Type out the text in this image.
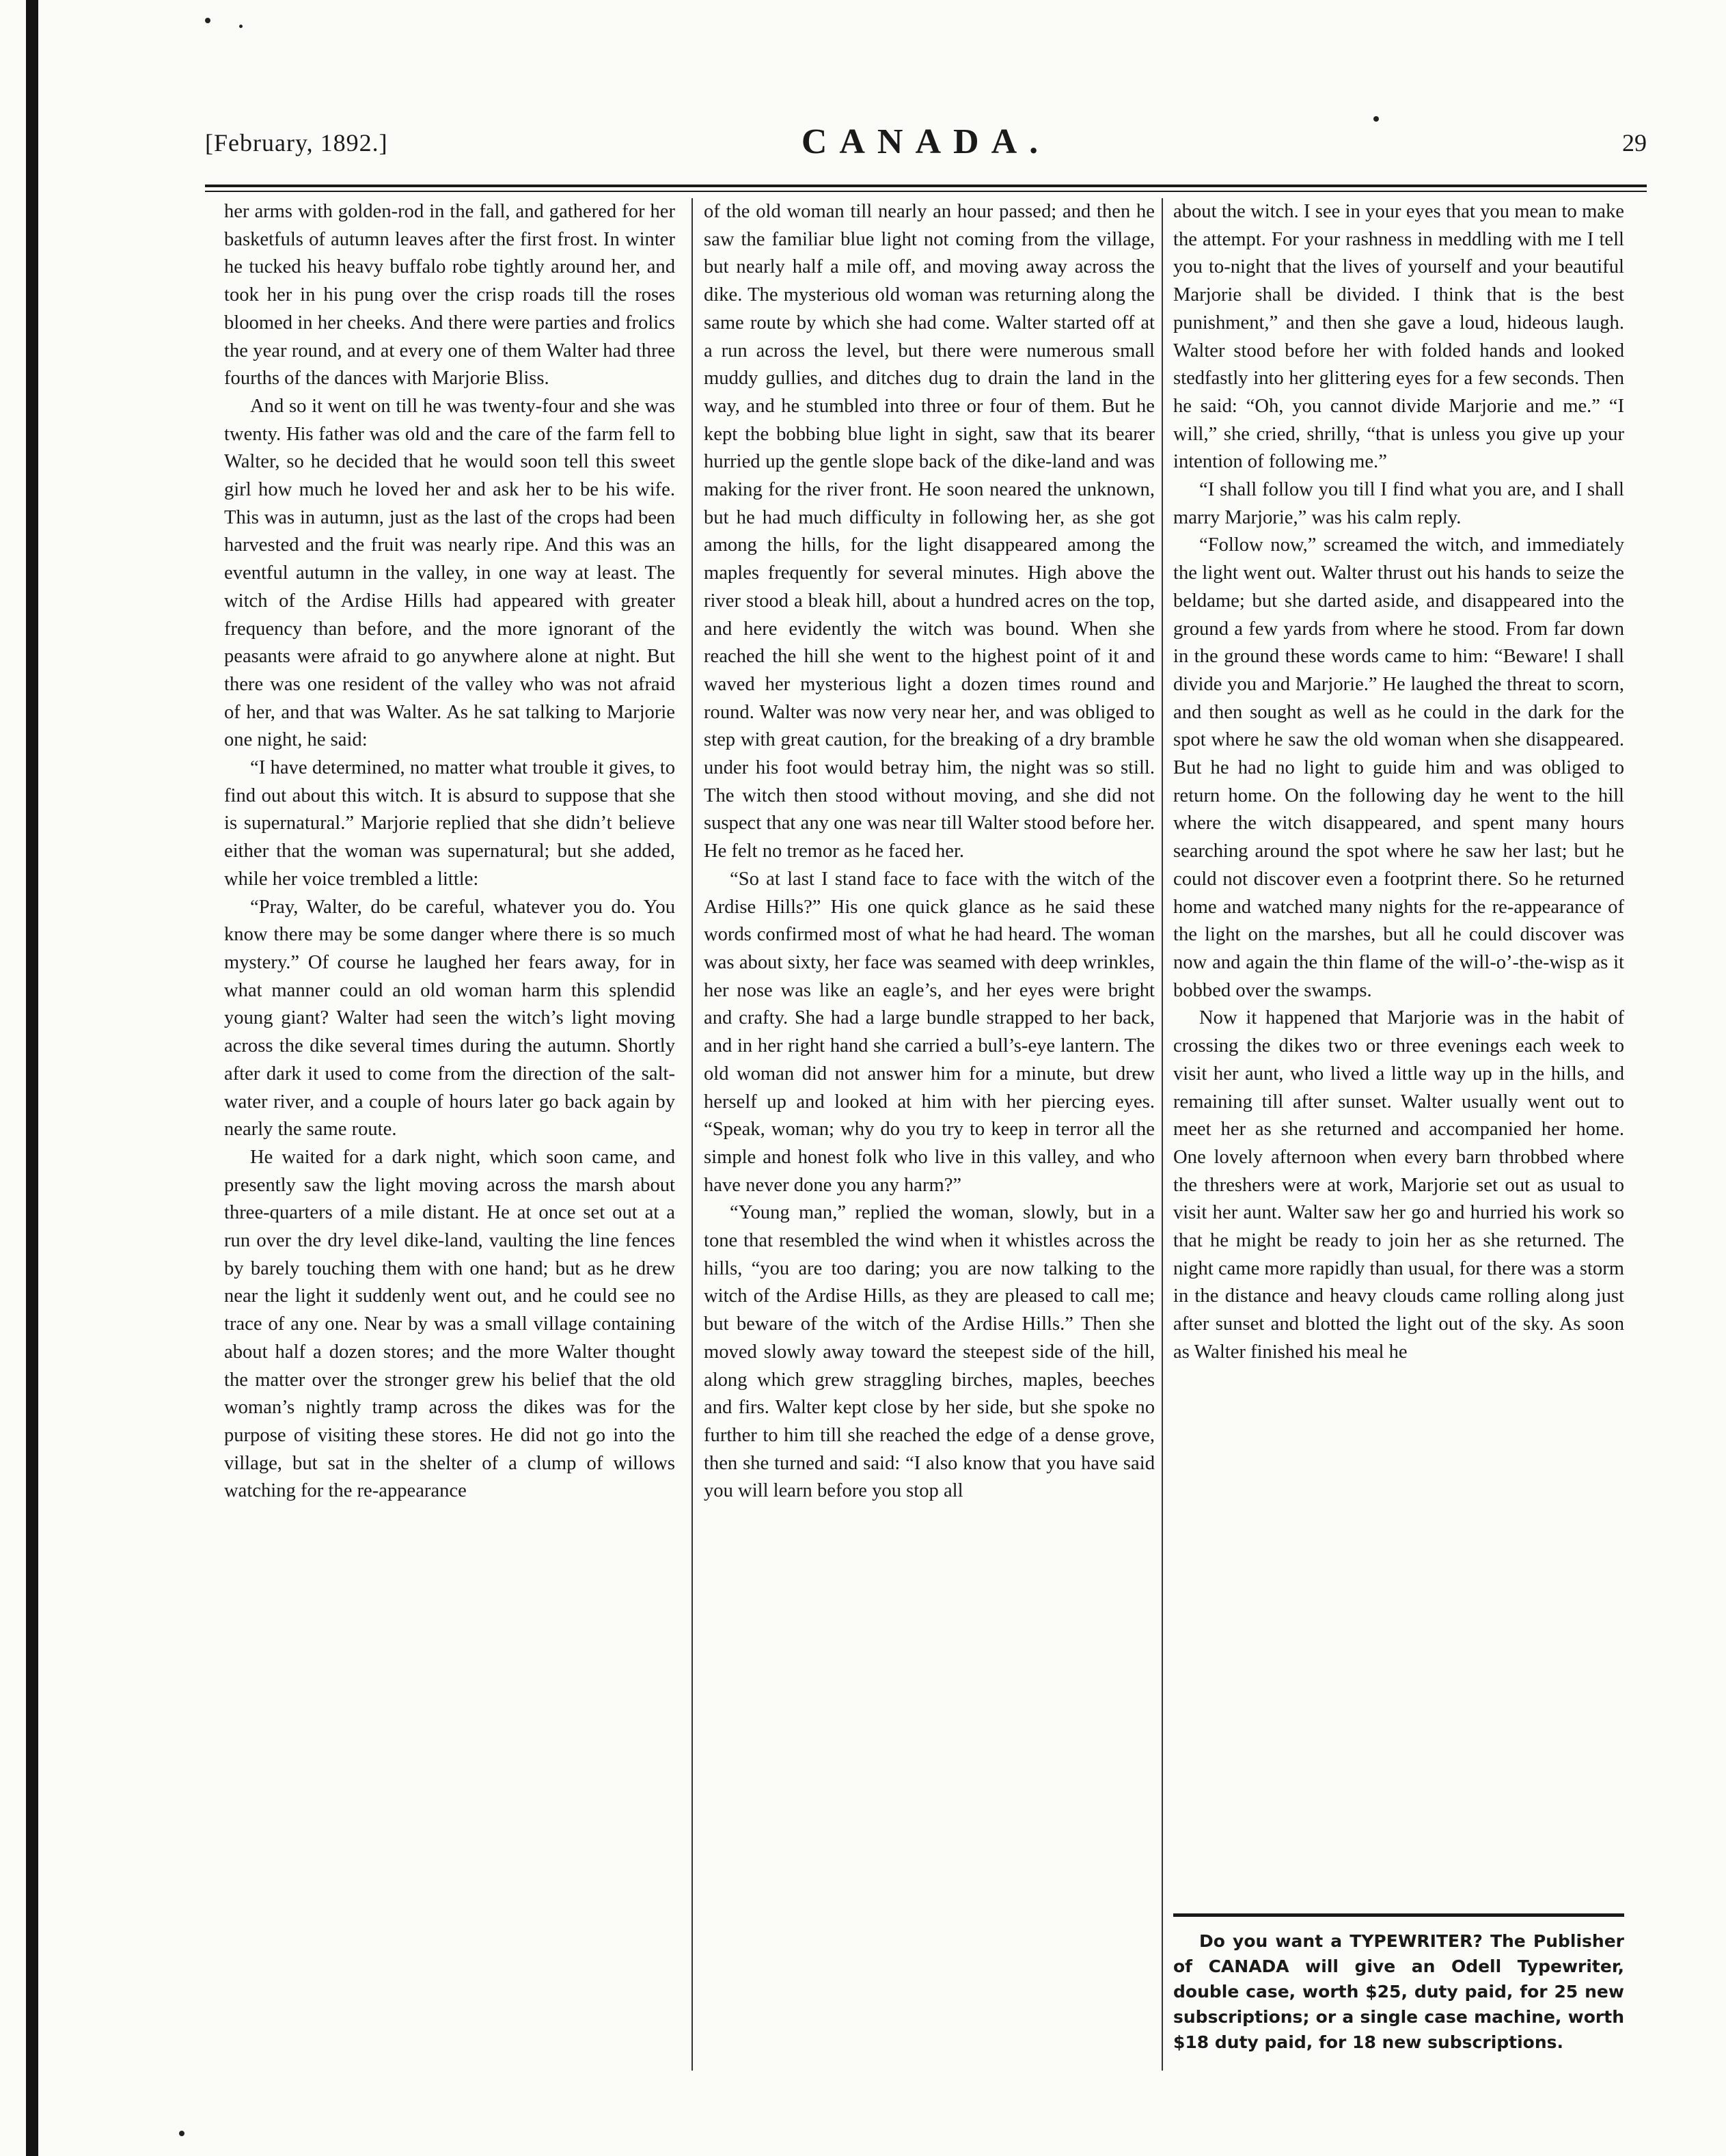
[February, 1892.]	CANADA.	29

her arms with golden-rod in the fall, and gathered for her basketfuls of autumn leaves after the first frost. In winter he tucked his heavy buffalo robe tightly around her, and took her in his pung over the crisp roads till the roses bloomed in her cheeks. And there were parties and frolics the year round, and at every one of them Walter had three fourths of the dances with Marjorie Bliss.

And so it went on till he was twenty-four and she was twenty. His father was old and the care of the farm fell to Walter, so he decided that he would soon tell this sweet girl how much he loved her and ask her to be his wife. This was in autumn, just as the last of the crops had been harvested and the fruit was nearly ripe. And this was an eventful autumn in the valley, in one way at least. The witch of the Ardise Hills had appeared with greater frequency than before, and the more ignorant of the peasants were afraid to go anywhere alone at night. But there was one resident of the valley who was not afraid of her, and that was Walter. As he sat talking to Marjorie one night, he said:

“I have determined, no matter what trouble it gives, to find out about this witch. It is absurd to suppose that she is supernatural.” Marjorie replied that she didn’t believe either that the woman was supernatural; but she added, while her voice trembled a little:

“Pray, Walter, do be careful, whatever you do. You know there may be some danger where there is so much mystery.” Of course he laughed her fears away, for in what manner could an old woman harm this splendid young giant? Walter had seen the witch’s light moving across the dike several times during the autumn. Shortly after dark it used to come from the direction of the salt-water river, and a couple of hours later go back again by nearly the same route.

He waited for a dark night, which soon came, and presently saw the light moving across the marsh about three-quarters of a mile distant. He at once set out at a run over the dry level dike-land, vaulting the line fences by barely touching them with one hand; but as he drew near the light it suddenly went out, and he could see no trace of any one. Near by was a small village containing about half a dozen stores; and the more Walter thought the matter over the stronger grew his belief that the old woman’s nightly tramp across the dikes was for the purpose of visiting these stores. He did not go into the village, but sat in the shelter of a clump of willows watching for the re-appearance

of the old woman till nearly an hour passed; and then he saw the familiar blue light not coming from the village, but nearly half a mile off, and moving away across the dike. The mysterious old woman was returning along the same route by which she had come. Walter started off at a run across the level, but there were numerous small muddy gullies, and ditches dug to drain the land in the way, and he stumbled into three or four of them. But he kept the bobbing blue light in sight, saw that its bearer hurried up the gentle slope back of the dike-land and was making for the river front. He soon neared the unknown, but he had much difficulty in following her, as she got among the hills, for the light disappeared among the maples frequently for several minutes. High above the river stood a bleak hill, about a hundred acres on the top, and here evidently the witch was bound. When she reached the hill she went to the highest point of it and waved her mysterious light a dozen times round and round. Walter was now very near her, and was obliged to step with great caution, for the breaking of a dry bramble under his foot would betray him, the night was so still. The witch then stood without moving, and she did not suspect that any one was near till Walter stood before her. He felt no tremor as he faced her.

“So at last I stand face to face with the witch of the Ardise Hills?” His one quick glance as he said these words confirmed most of what he had heard. The woman was about sixty, her face was seamed with deep wrinkles, her nose was like an eagle’s, and her eyes were bright and crafty. She had a large bundle strapped to her back, and in her right hand she carried a bull’s-eye lantern. The old woman did not answer him for a minute, but drew herself up and looked at him with her piercing eyes. “Speak, woman; why do you try to keep in terror all the simple and honest folk who live in this valley, and who have never done you any harm?”

“Young man,” replied the woman, slowly, but in a tone that resembled the wind when it whistles across the hills, “you are too daring; you are now talking to the witch of the Ardise Hills, as they are pleased to call me; but beware of the witch of the Ardise Hills.” Then she moved slowly away toward the steepest side of the hill, along which grew straggling birches, maples, beeches and firs. Walter kept close by her side, but she spoke no further to him till she reached the edge of a dense grove, then she turned and said: “I also know that you have said you will learn before you stop all

about the witch. I see in your eyes that you mean to make the attempt. For your rashness in meddling with me I tell you to-night that the lives of yourself and your beautiful Marjorie shall be divided. I think that is the best punishment,” and then she gave a loud, hideous laugh. Walter stood before her with folded hands and looked stedfastly into her glittering eyes for a few seconds. Then he said: “Oh, you cannot divide Marjorie and me.” “I will,” she cried, shrilly, “that is unless you give up your intention of following me.”

“I shall follow you till I find what you are, and I shall marry Marjorie,” was his calm reply.

“Follow now,” screamed the witch, and immediately the light went out. Walter thrust out his hands to seize the beldame; but she darted aside, and disappeared into the ground a few yards from where he stood. From far down in the ground these words came to him: “Beware! I shall divide you and Marjorie.” He laughed the threat to scorn, and then sought as well as he could in the dark for the spot where he saw the old woman when she disappeared. But he had no light to guide him and was obliged to return home. On the following day he went to the hill where the witch disappeared, and spent many hours searching around the spot where he saw her last; but he could not discover even a footprint there. So he returned home and watched many nights for the re-appearance of the light on the marshes, but all he could discover was now and again the thin flame of the will-o’-the-wisp as it bobbed over the swamps.

Now it happened that Marjorie was in the habit of crossing the dikes two or three evenings each week to visit her aunt, who lived a little way up in the hills, and remaining till after sunset. Walter usually went out to meet her as she returned and accompanied her home. One lovely afternoon when every barn throbbed where the threshers were at work, Marjorie set out as usual to visit her aunt. Walter saw her go and hurried his work so that he might be ready to join her as she returned. The night came more rapidly than usual, for there was a storm in the distance and heavy clouds came rolling along just after sunset and blotted the light out of the sky. As soon as Walter finished his meal he

Do you want a TYPEWRITER? The Publisher of CANADA will give an Odell Typewriter, double case, worth $25, duty paid, for 25 new subscriptions; or a single case machine, worth $18 duty paid, for 18 new subscriptions.
